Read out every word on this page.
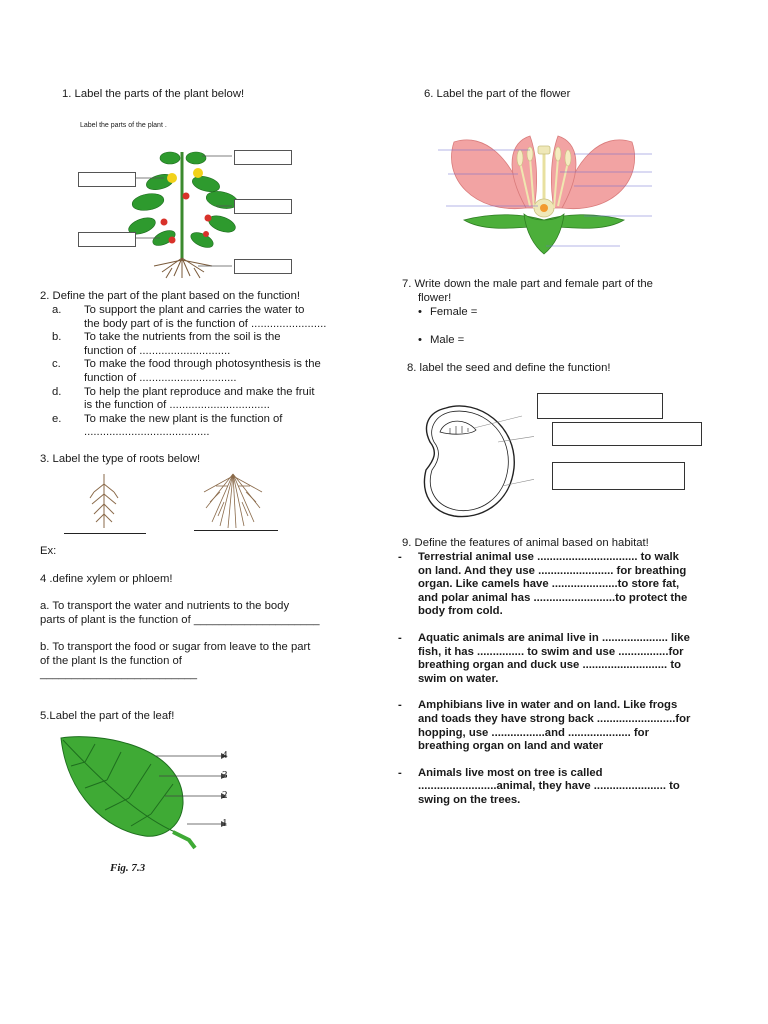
1. Label the parts of the plant below!

Label the parts of the plant .

2. Define the part of the plant based on the function!

a. To support the plant and carries the water to

the body part of is the function of ........................

b. To take the nutrients from the soil is the

function of .............................

c. To make the food through photosynthesis is the

function of ...............................

d. To help the plant reproduce and make the fruit

is the function of ................................

e. To make the new plant is the function of

........................................

3. Label the type of roots below!

Ex:

4 .define xylem or phloem!

a. To transport the water and nutrients to the body

parts of plant is the function of ____________________

b. To transport the food or sugar from leave to the part

of the plant Is the function of

_________________________

5.Label the part of the leaf!

4
3
2
1

Fig. 7.3

6. Label the part of the flower

7. Write down the male part and female part of the

flower!

• Female =
• Male =

8. label the seed and define the function!

9. Define the features of animal based on habitat!

- Terrestrial animal use ................................ to walk

on land. And they use ........................ for breathing

organ. Like camels have .....................to store fat,

and polar animal has ..........................to protect the

body from cold.

- Aquatic animals are animal live in ..................... like

fish, it has ............... to swim and use ................for

breathing organ and duck use ........................... to

swim on water.

- Amphibians live in water and on land. Like frogs

and toads they have strong back .........................for

hopping, use .................and .................... for

breathing organ on land and water

- Animals live most on tree is called

.........................animal, they have ....................... to

swing on the trees.
